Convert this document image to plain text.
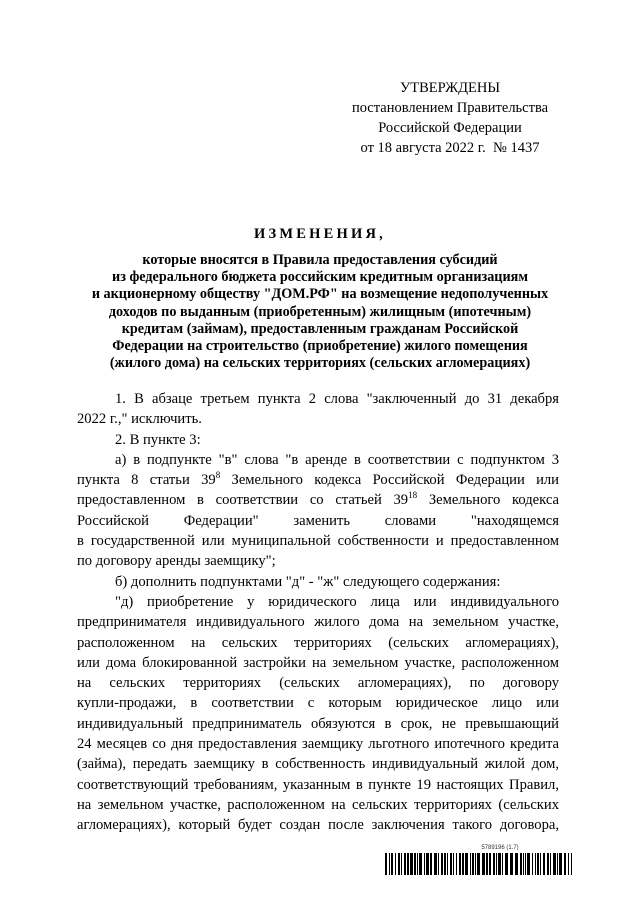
УТВЕРЖДЕНЫ
постановлением Правительства
Российской Федерации
от 18 августа 2022 г.  № 1437
ИЗМЕНЕНИЯ,
которые вносятся в Правила предоставления субсидий
из федерального бюджета российским кредитным организациям
и акционерному обществу "ДОМ.РФ" на возмещение недополученных
доходов по выданным (приобретенным) жилищным (ипотечным)
кредитам (займам), предоставленным гражданам Российской
Федерации на строительство (приобретение) жилого помещения
(жилого дома) на сельских территориях (сельских агломерациях)
1. В абзаце третьем пункта 2 слова "заключенный до 31 декабря
2022 г.," исключить.
2. В пункте 3:
а) в подпункте "в" слова "в аренде в соответствии с подпунктом 3
пункта 8 статьи $39^8$ Земельного кодекса Российской Федерации или
предоставленном в соответствии со статьей $39^{18}$ Земельного кодекса
Российской Федерации" заменить словами "находящемся
в государственной или муниципальной собственности и предоставленном
по договору аренды заемщику";
б) дополнить подпунктами "д" - "ж" следующего содержания:
"д) приобретение у юридического лица или индивидуального
предпринимателя индивидуального жилого дома на земельном участке,
расположенном на сельских территориях (сельских агломерациях),
или дома блокированной застройки на земельном участке, расположенном
на сельских территориях (сельских агломерациях), по договору
купли-продажи, в соответствии с которым юридическое лицо или
индивидуальный предприниматель обязуются в срок, не превышающий
24 месяцев со дня предоставления заемщику льготного ипотечного кредита
(займа), передать заемщику в собственность индивидуальный жилой дом,
соответствующий требованиям, указанным в пункте 19 настоящих Правил,
на земельном участке, расположенном на сельских территориях (сельских
агломерациях), который будет создан после заключения такого договора,
5789196 (1.7)
